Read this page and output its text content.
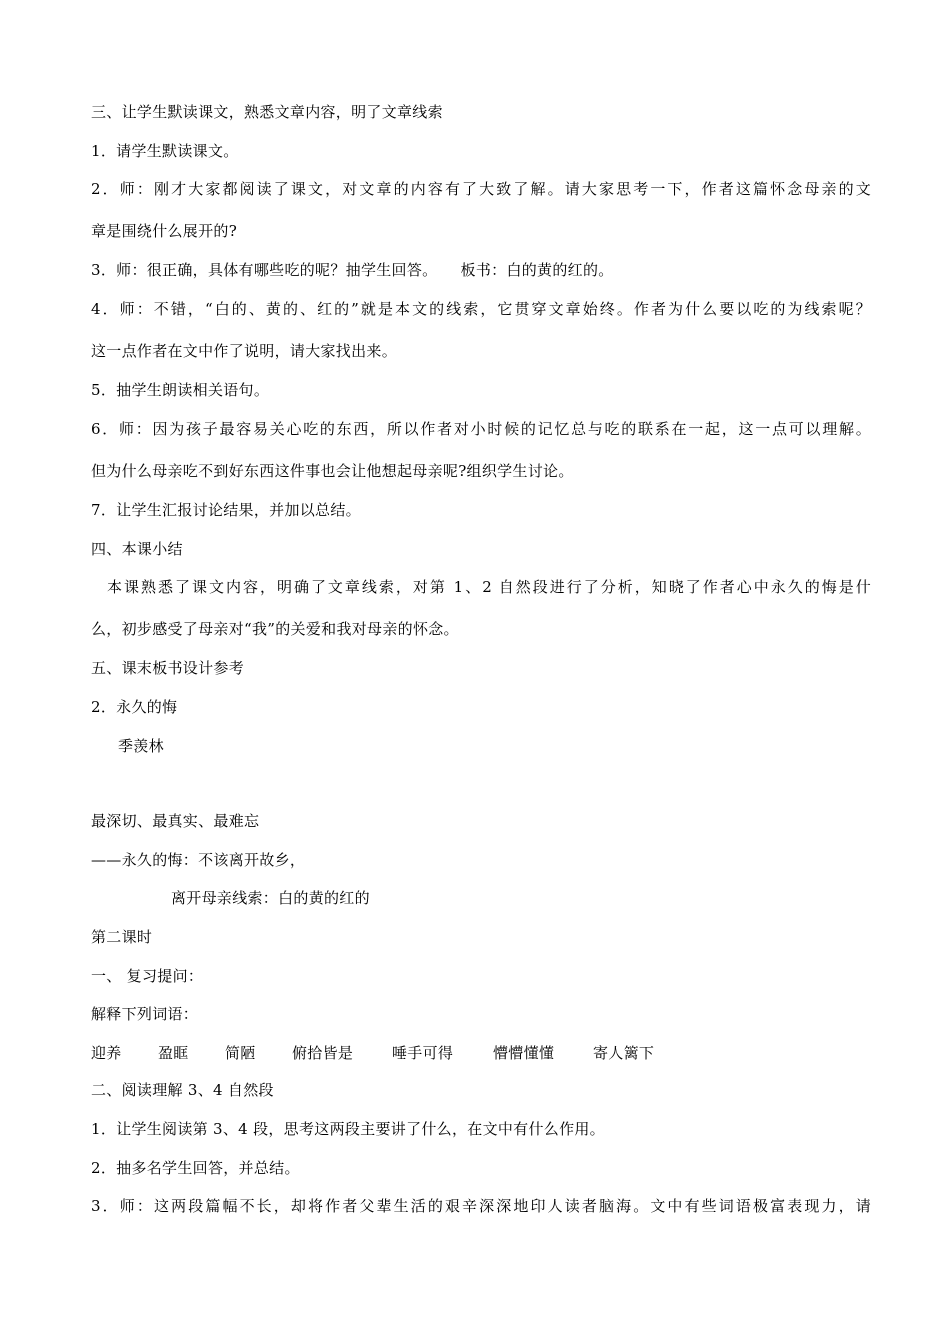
三、让学生默读课文，熟悉文章内容，明了文章线索
1．请学生默读课文。
2．师：刚才大家都阅读了课文，对文章的内容有了大致了解。请大家思考一下，作者这篇怀念母亲的文
章是围绕什么展开的?
3．师：很正确，具体有哪些吃的呢？抽学生回答。　　板书：白的黄的红的。
4．师：不错，“白的、黄的、红的”就是本文的线索，它贯穿文章始终。作者为什么要以吃的为线索呢？
这一点作者在文中作了说明，请大家找出来。
5．抽学生朗读相关语句。
6．师：因为孩子最容易关心吃的东西，所以作者对小时候的记忆总与吃的联系在一起，这一点可以理解。
但为什么母亲吃不到好东西这件事也会让他想起母亲呢?组织学生讨论。
7．让学生汇报讨论结果，并加以总结。
四、本课小结
本课熟悉了课文内容，明确了文章线索，对第 1、2 自然段进行了分析，知晓了作者心中永久的悔是什
么，初步感受了母亲对“我”的关爱和我对母亲的怀念。
五、课末板书设计参考
2．永久的悔
季羡林
最深切、最真实、最难忘
——永久的悔：不该离开故乡，
离开母亲线索：白的黄的红的
第二课时
一、 复习提问：
解释下列词语：
迎养 盈眶 简陋 俯拾皆是	唾手可得	懵懵懂懂	寄人篱下
二、阅读理解 3、4 自然段
1．让学生阅读第 3、4 段，思考这两段主要讲了什么，在文中有什么作用。
2．抽多名学生回答，并总结。
3．师：这两段篇幅不长，却将作者父辈生活的艰辛深深地印人读者脑海。文中有些词语极富表现力，请
